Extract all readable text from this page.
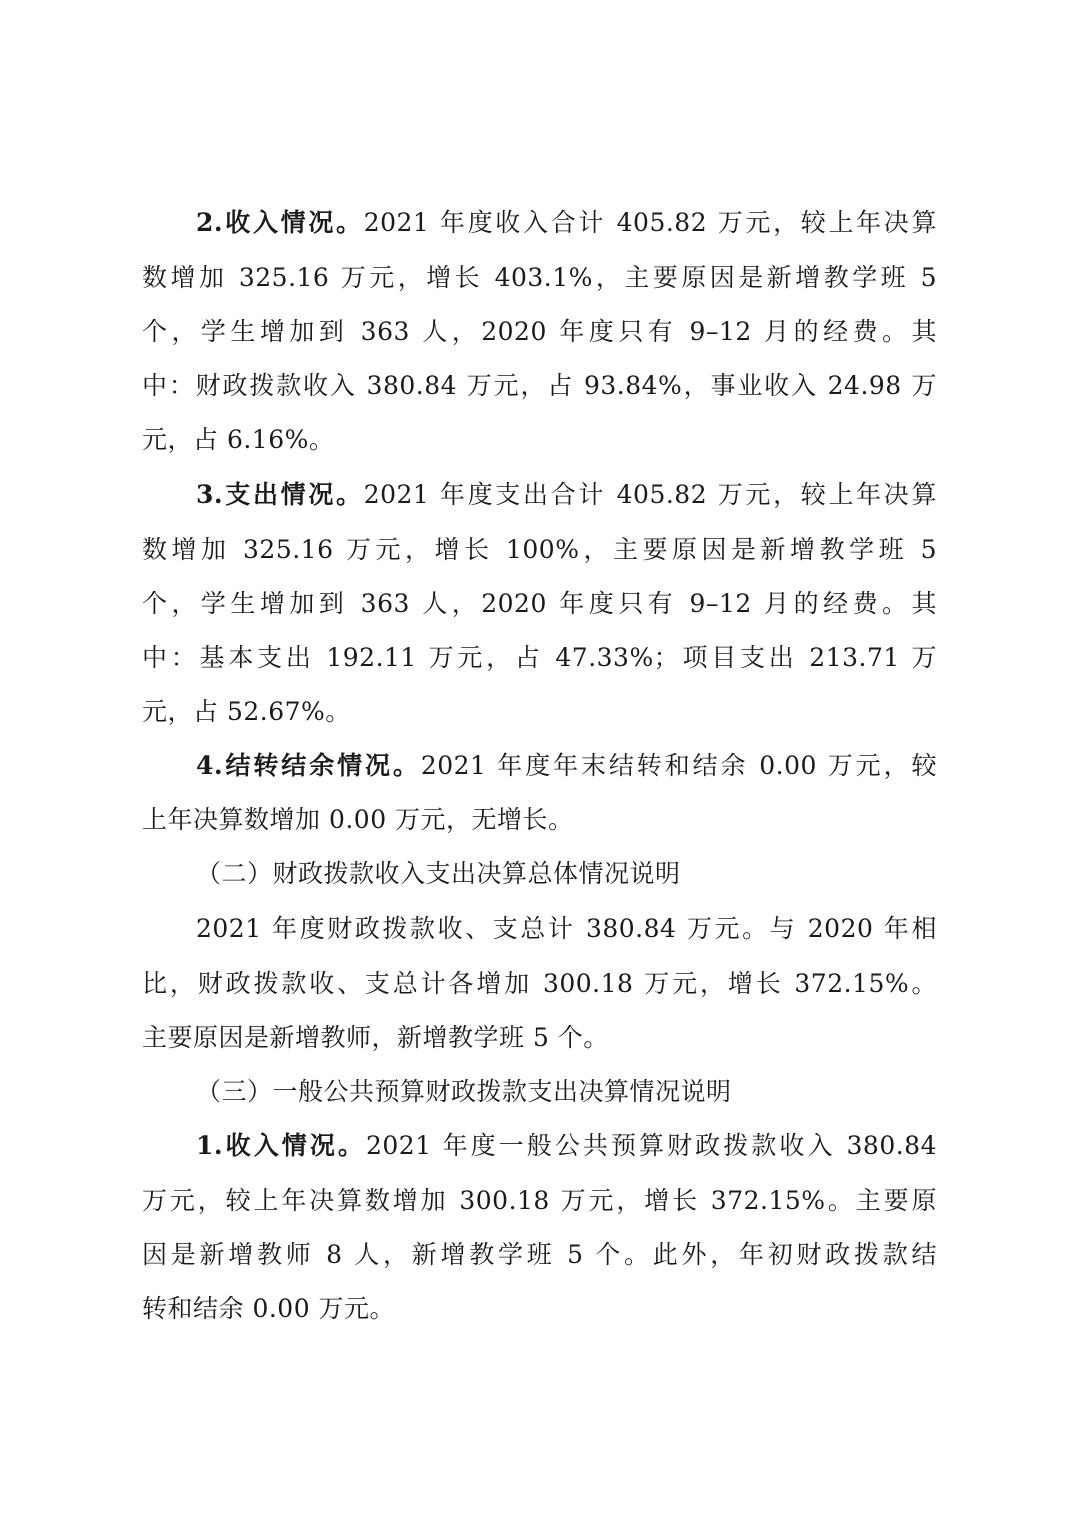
2.收入情况。2021 年度收入合计 405.82 万元，较上年决算
数增加 325.16 万元，增长 403.1%，主要原因是新增教学班 5
个，学生增加到 363 人，2020 年度只有 9–12 月的经费。其
中：财政拨款收入 380.84 万元，占 93.84%，事业收入 24.98 万
元，占 6.16%。
3.支出情况。2021 年度支出合计 405.82 万元，较上年决算
数增加 325.16 万元，增长 100%，主要原因是新增教学班 5
个，学生增加到 363 人，2020 年度只有 9–12 月的经费。其
中：基本支出 192.11 万元，占 47.33%；项目支出 213.71 万
元，占 52.67%。
4.结转结余情况。2021 年度年末结转和结余 0.00 万元，较
上年决算数增加 0.00 万元，无增长。
（二）财政拨款收入支出决算总体情况说明
2021 年度财政拨款收、支总计 380.84 万元。与 2020 年相
比，财政拨款收、支总计各增加 300.18 万元，增长 372.15%。
主要原因是新增教师，新增教学班 5 个。
（三）一般公共预算财政拨款支出决算情况说明
1.收入情况。2021 年度一般公共预算财政拨款收入 380.84
万元，较上年决算数增加 300.18 万元，增长 372.15%。主要原
因是新增教师 8 人，新增教学班 5 个。此外，年初财政拨款结
转和结余 0.00 万元。
